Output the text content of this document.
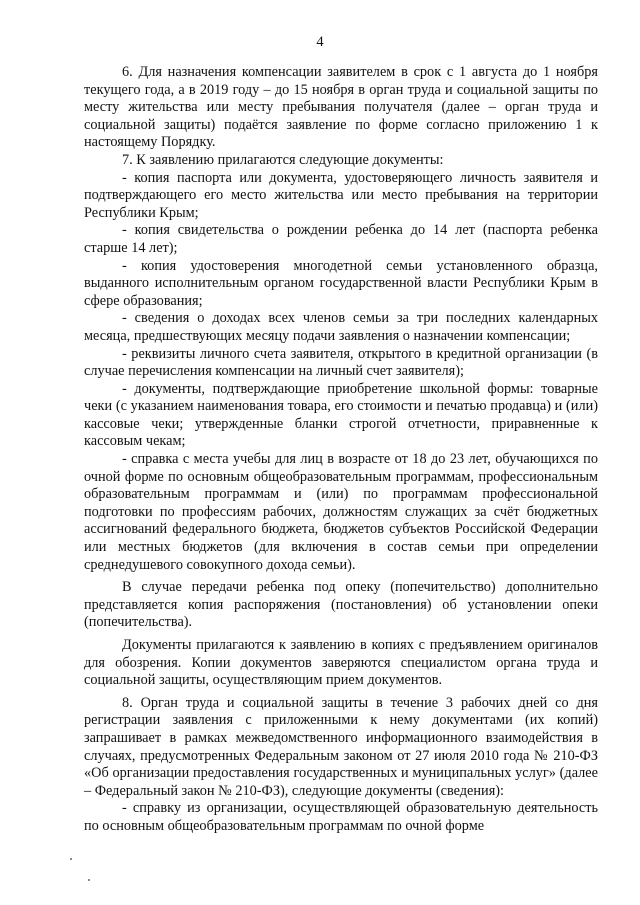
4

6. Для назначения компенсации заявителем в срок с 1 августа до 1 ноября текущего года, а в 2019 году – до 15 ноября в орган труда и социальной защиты по месту жительства или месту пребывания получателя (далее – орган труда и социальной защиты) подаётся заявление по форме согласно приложению 1 к настоящему Порядку.

7. К заявлению прилагаются следующие документы:

- копия паспорта или документа, удостоверяющего личность заявителя и подтверждающего его место жительства или место пребывания на территории Республики Крым;

- копия свидетельства о рождении ребенка до 14 лет (паспорта ребенка старше 14 лет);

- копия удостоверения многодетной семьи установленного образца, выданного исполнительным органом государственной власти Республики Крым в сфере образования;

- сведения о доходах всех членов семьи за три последних календарных месяца, предшествующих месяцу подачи заявления о назначении компенсации;

- реквизиты личного счета заявителя, открытого в кредитной организации (в случае перечисления компенсации на личный счет заявителя);

- документы, подтверждающие приобретение школьной формы: товарные чеки (с указанием наименования товара, его стоимости и печатью продавца) и (или) кассовые чеки; утвержденные бланки строгой отчетности, приравненные к кассовым чекам;

- справка с места учебы для лиц в возрасте от 18 до 23 лет, обучающихся по очной форме по основным общеобразовательным программам, профессиональным образовательным программам и (или) по программам профессиональной подготовки по профессиям рабочих, должностям служащих за счёт бюджетных ассигнований федерального бюджета, бюджетов субъектов Российской Федерации или местных бюджетов (для включения в состав семьи при определении среднедушевого совокупного дохода семьи).

В случае передачи ребенка под опеку (попечительство) дополнительно представляется копия распоряжения (постановления) об установлении опеки (попечительства).

Документы прилагаются к заявлению в копиях с предъявлением оригиналов для обозрения. Копии документов заверяются специалистом органа труда и социальной защиты, осуществляющим прием документов.

8. Орган труда и социальной защиты в течение 3 рабочих дней со дня регистрации заявления с приложенными к нему документами (их копий) запрашивает в рамках межведомственного информационного взаимодействия в случаях, предусмотренных Федеральным законом от 27 июля 2010 года № 210-ФЗ «Об организации предоставления государственных и муниципальных услуг» (далее – Федеральный закон № 210-ФЗ), следующие документы (сведения):

- справку из организации, осуществляющей образовательную деятельность по основным общеобразовательным программам по очной форме
